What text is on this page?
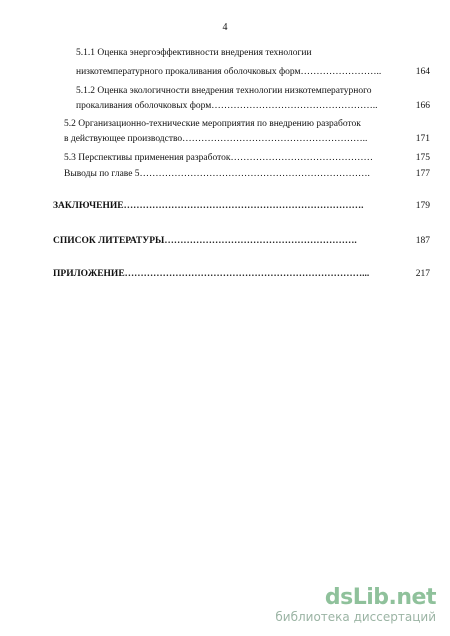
4
5.1.1 Оценка энергоэффективности внедрения технологии
низкотемпературного прокаливания оболочковых форм……………………..	164
5.1.2 Оценка экологичности внедрения технологии низкотемпературного
прокаливания оболочковых форм……………………………………………..	166
5.2 Организационно-технические мероприятия по внедрению разработок
в действующее производство…………………………………………………..	171
5.3 Перспективы применения разработок………………………………………	175
Выводы по главе 5……………………………………………………………….	177
ЗАКЛЮЧЕНИЕ………………………………………………………………….	179
СПИСОК ЛИТЕРАТУРЫ…………………………………………………….	187
ПРИЛОЖЕНИЕ…………………………………………………………………...	217
dsLib.net
библиотека диссертаций
